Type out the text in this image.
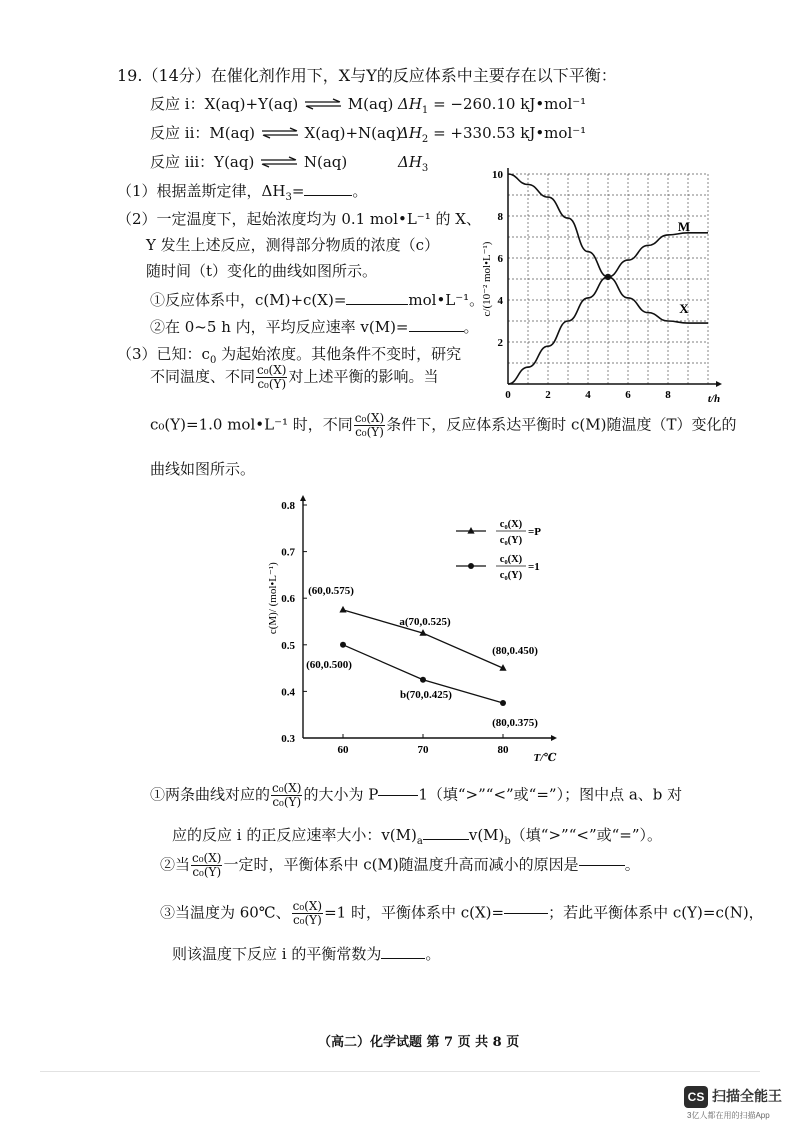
19.（14分）在催化剂作用下，X与Y的反应体系中主要存在以下平衡：
反应 i：X(aq)+Y(aq) ⇌ M(aq) $\Delta H_1 = -260.10$ kJ•mol⁻¹
反应 ii：M(aq) ⇌ X(aq)+N(aq)
$\Delta H_2 = +330.53$ kJ•mol⁻¹
反应 iii：Y(aq) ⇌ N(aq)	$\Delta H_3$
（1）根据盖斯定律，$\Delta H_3=$	。
（2）一定温度下，起始浓度均为 0.1 mol•L⁻¹ 的 X、
Y 发生上述反应，测得部分物质的浓度（c）
随时间（t）变化的曲线如图所示。
①反应体系中，c(M)+c(X)=	mol•L⁻¹。
②在 0~5 h 内，平均反应速率 v(M)=	。
（3）已知：$c_0$ 为起始浓度。其他条件不变时，研究
不同温度、不同 $\frac{\text{c₀(X)}}{\text{c₀(Y)}}$ 对上述平衡的影响。当
c₀(Y)=1.0 mol•L⁻¹ 时，不同 $\frac{\text{c₀(X)}}{\text{c₀(Y)}}$ 条件下，反应体系达平衡时 c(M)随温度（T）变化的
曲线如图所示。
0	2	4	6	8
2
4
6
8
10
t/h
c/(10⁻² mol•L⁻¹)
M
X
60	70	80
0.3
0.4
0.5
0.6
0.7
0.8
T/℃
c(M)/ (mol•L⁻¹)	(60,0.575)
a(70,0.525)
(80,0.450)
(60,0.500)
b(70,0.425)
(80,0.375)
c₀(X)
c₀(Y)
=P
c₀(X)
c₀(Y)
=1
①两条曲线对应的 $\frac{\text{c₀(X)}}{\text{c₀(Y)}}$ 的大小为 P	1（填“>”“<”或“=”）；图中点 a、b 对
应的反应 i 的正反应速率大小：$v(M)_a$	$v(M)_b$（填“>”“<”或“=”）。
②当 $\frac{\text{c₀(X)}}{\text{c₀(Y)}}$ 一定时，平衡体系中 c(M)随温度升高而减小的原因是	。
③当温度为 60℃、 $\frac{\text{c₀(X)}}{\text{c₀(Y)}} =1$ 时，平衡体系中 c(X)=	；若此平衡体系中 c(Y)=c(N)，
则该温度下反应 i 的平衡常数为	。
（高二）化学试题 第 7 页 共 8 页
CS 扫描全能王
3亿人都在用的扫描App
